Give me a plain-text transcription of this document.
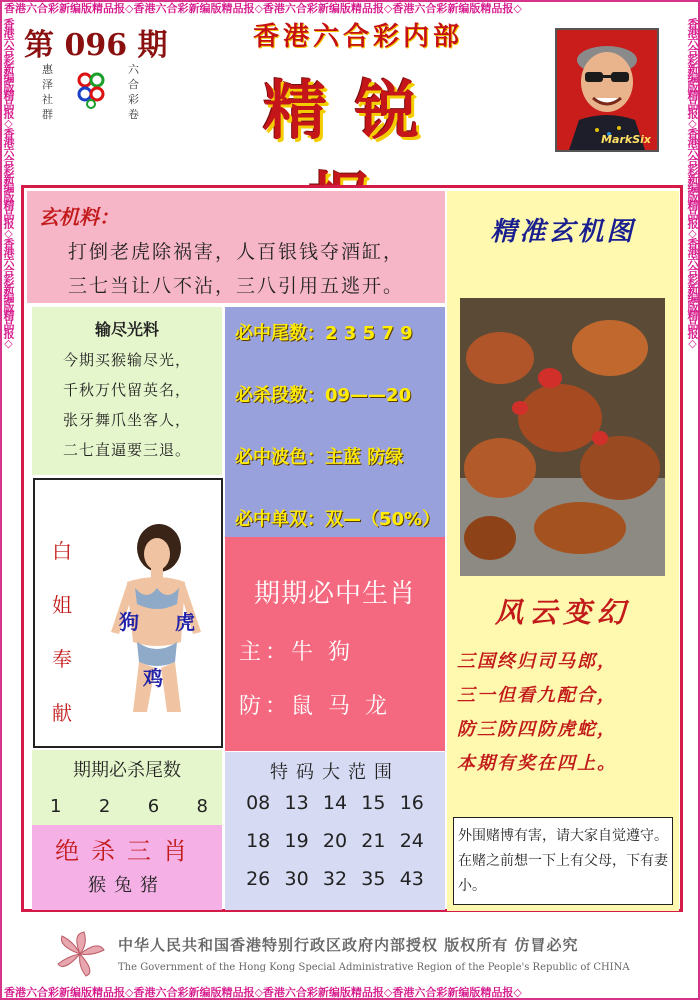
香港六合彩新编版精品报◇香港六合彩新编版精品报◇香港六合彩新编版精品报◇香港六合彩新编版精品报◇
香港六合彩新编版精品报◇香港六合彩新编版精品报◇香港六合彩新编版精品报◇香港六合彩新编版精品报◇
香港六合彩新编版精品报◇香港六合彩新编版精品报◇香港六合彩新编版精品报◇	香港六合彩新编版精品报◇香港六合彩新编版精品报◇香港六合彩新编版精品报◇
第 096 期
惠泽社群
六合彩卷
香港六合彩内部
精锐	MarkSix
玄机料：
打倒老虎除祸害，人百银钱夺酒缸，
三七当让八不沾，三八引用五逃开。
输尽光料
今期买猴输尽光，
千秋万代留英名，
张牙舞爪坐客人，
二七直逼要三退。
必中尾数：2 3 5 7 9
必杀段数：09——20
必中波色：主蓝 防绿
必中单双：双—（50%）
白姐奉献
狗 虎
鸡
期期必中生肖
主：牛 狗
防：鼠 马 龙
期期必杀尾数
1 2 6 8
绝杀三肖
猴兔猪
特码大范围
08 13 14 15 16
18 19 20 21 24
26 30 32 35 43
精准玄机图
风云变幻
三国终归司马郎，
三一但看九配合，
防三防四防虎蛇，
本期有奖在四上。
外围赌博有害，请大家自觉遵守。在赌之前想一下上有父母，下有妻小。
中华人民共和国香港特别行政区政府内部授权 版权所有 仿冒必究
The Government of the Hong Kong Special Administrative Region of the People's Republic of CHINA
